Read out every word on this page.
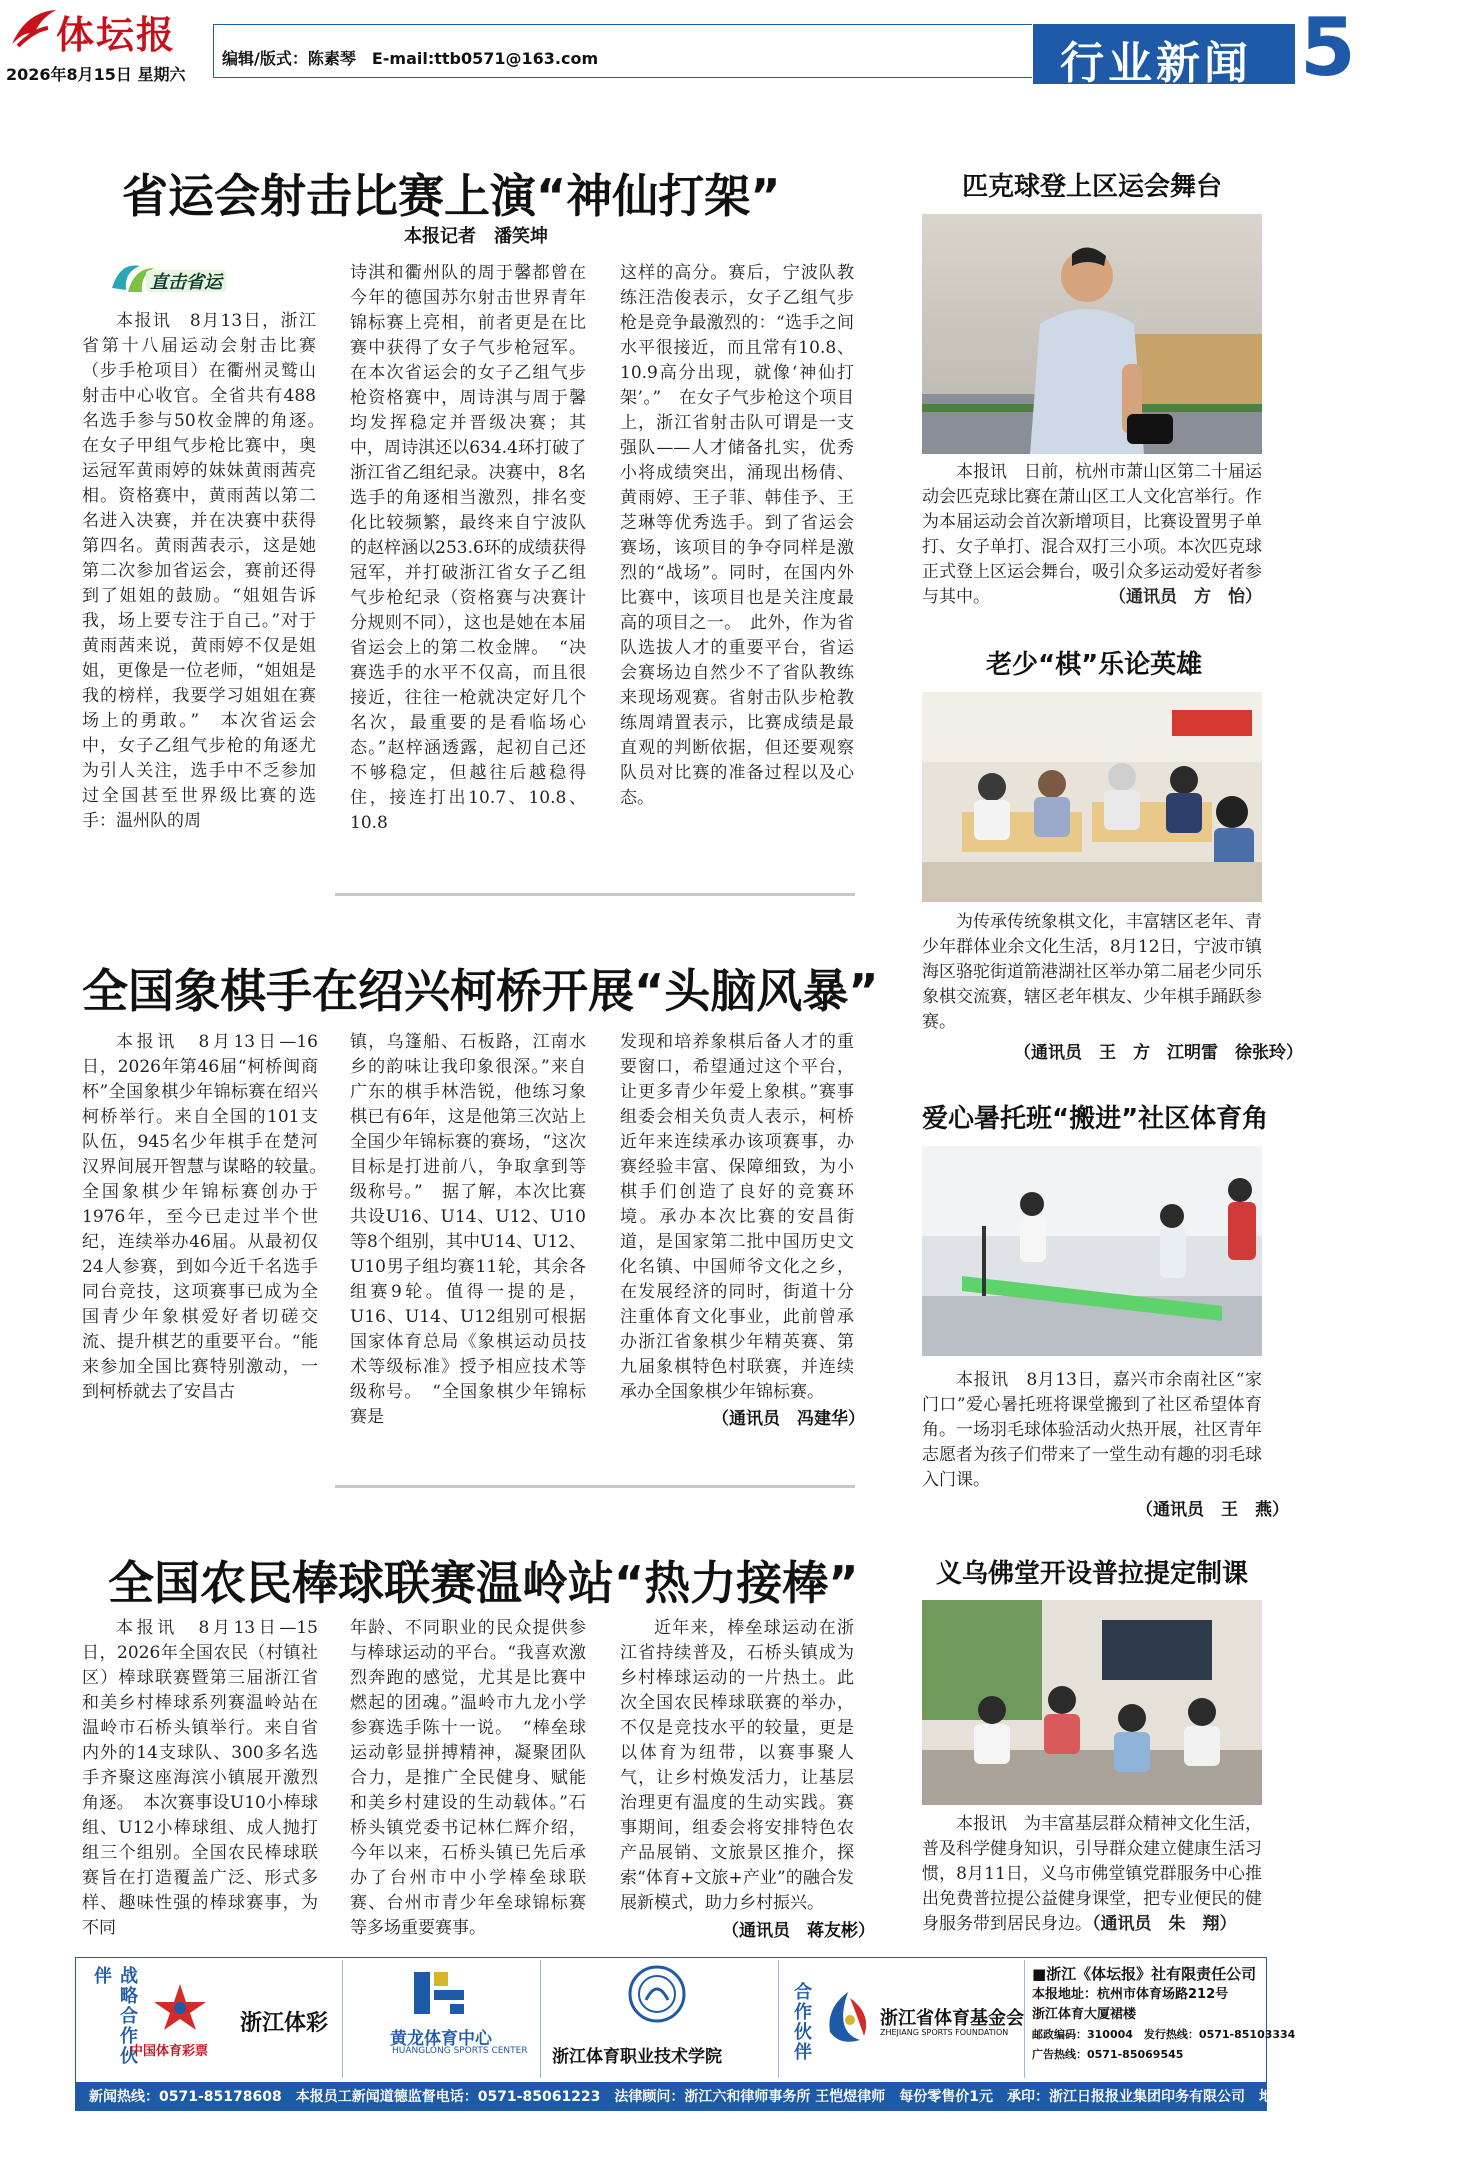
体坛报
2026年8月15日 星期六
编辑/版式：陈素琴　E-mail:ttb0571@163.com	行业新闻 5
省运会射击比赛上演“神仙打架”
本报记者　潘笑坤
直击省运
本报讯　8月13日，浙江省第十八届运动会射击比赛（步手枪项目）在衢州灵鹫山射击中心收官。全省共有488名选手参与50枚金牌的角逐。　在女子甲组气步枪比赛中，奥运冠军黄雨婷的妹妹黄雨茜亮相。资格赛中，黄雨茜以第二名进入决赛，并在决赛中获得第四名。黄雨茜表示，这是她第二次参加省运会，赛前还得到了姐姐的鼓励。“姐姐告诉我，场上要专注于自己。”对于黄雨茜来说，黄雨婷不仅是姐姐，更像是一位老师，“姐姐是我的榜样，我要学习姐姐在赛场上的勇敢。”　本次省运会中，女子乙组气步枪的角逐尤为引人关注，选手中不乏参加过全国甚至世界级比赛的选手：温州队的周
诗淇和衢州队的周于馨都曾在今年的德国苏尔射击世界青年锦标赛上亮相，前者更是在比赛中获得了女子气步枪冠军。在本次省运会的女子乙组气步枪资格赛中，周诗淇与周于馨均发挥稳定并晋级决赛；其中，周诗淇还以634.4环打破了浙江省乙组纪录。决赛中，8名选手的角逐相当激烈，排名变化比较频繁，最终来自宁波队的赵梓涵以253.6环的成绩获得冠军，并打破浙江省女子乙组气步枪纪录（资格赛与决赛计分规则不同），这也是她在本届省运会上的第二枚金牌。　“决赛选手的水平不仅高，而且很接近，往往一枪就决定好几个名次，最重要的是看临场心态。”赵梓涵透露，起初自己还不够稳定，但越往后越稳得住，接连打出10.7、10.8、10.8
这样的高分。赛后，宁波队教练汪浩俊表示，女子乙组气步枪是竞争最激烈的：“选手之间水平很接近，而且常有10.8、10.9高分出现，就像‘神仙打架’。”　在女子气步枪这个项目上，浙江省射击队可谓是一支强队——人才储备扎实，优秀小将成绩突出，涌现出杨倩、黄雨婷、王子菲、韩佳予、王芝琳等优秀选手。到了省运会赛场，该项目的争夺同样是激烈的“战场”。同时，在国内外比赛中，该项目也是关注度最高的项目之一。　此外，作为省队选拔人才的重要平台，省运会赛场边自然少不了省队教练来现场观赛。省射击队步枪教练周靖置表示，比赛成绩是最直观的判断依据，但还要观察队员对比赛的准备过程以及心态。
全国象棋手在绍兴柯桥开展“头脑风暴”
本报讯　8月13日—16日，2026年第46届“柯桥闽商杯”全国象棋少年锦标赛在绍兴柯桥举行。来自全国的101支队伍，945名少年棋手在楚河汉界间展开智慧与谋略的较量。　全国象棋少年锦标赛创办于1976年，至今已走过半个世纪，连续举办46届。从最初仅24人参赛，到如今近千名选手同台竞技，这项赛事已成为全国青少年象棋爱好者切磋交流、提升棋艺的重要平台。“能来参加全国比赛特别激动，一到柯桥就去了安昌古
镇，乌篷船、石板路，江南水乡的韵味让我印象很深。”来自广东的棋手林浩锐，他练习象棋已有6年，这是他第三次站上全国少年锦标赛的赛场，“这次目标是打进前八，争取拿到等级称号。”　据了解，本次比赛共设U16、U14、U12、U10等8个组别，其中U14、U12、U10男子组均赛11轮，其余各组赛9轮。值得一提的是，U16、U14、U12组别可根据国家体育总局《象棋运动员技术等级标准》授予相应技术等级称号。　“全国象棋少年锦标赛是
发现和培养象棋后备人才的重要窗口，希望通过这个平台，让更多青少年爱上象棋。”赛事组委会相关负责人表示，柯桥近年来连续承办该项赛事，办赛经验丰富、保障细致，为小棋手们创造了良好的竞赛环境。承办本次比赛的安昌街道，是国家第二批中国历史文化名镇、中国师爷文化之乡，在发展经济的同时，街道十分注重体育文化事业，此前曾承办浙江省象棋少年精英赛、第九届象棋特色村联赛，并连续承办全国象棋少年锦标赛。
（通讯员　冯建华）
全国农民棒球联赛温岭站“热力接棒”
本报讯　8月13日—15日，2026年全国农民（村镇社区）棒球联赛暨第三届浙江省和美乡村棒球系列赛温岭站在温岭市石桥头镇举行。来自省内外的14支球队、300多名选手齐聚这座海滨小镇展开激烈角逐。　本次赛事设U10小棒球组、U12小棒球组、成人抛打组三个组别。全国农民棒球联赛旨在打造覆盖广泛、形式多样、趣味性强的棒球赛事，为不同
年龄、不同职业的民众提供参与棒球运动的平台。“我喜欢激烈奔跑的感觉，尤其是比赛中燃起的团魂。”温岭市九龙小学参赛选手陈十一说。　“棒垒球运动彰显拼搏精神，凝聚团队合力，是推广全民健身、赋能和美乡村建设的生动载体。”石桥头镇党委书记林仁辉介绍，今年以来，石桥头镇已先后承办了台州市中小学棒垒球联赛、台州市青少年垒球锦标赛等多场重要赛事。
近年来，棒垒球运动在浙江省持续普及，石桥头镇成为乡村棒球运动的一片热土。此次全国农民棒球联赛的举办，不仅是竞技水平的较量，更是以体育为纽带，以赛事聚人气，让乡村焕发活力，让基层治理更有温度的生动实践。赛事期间，组委会将安排特色农产品展销、文旅景区推介，探索“体育+文旅+产业”的融合发展新模式，助力乡村振兴。
（通讯员　蒋友彬）
匹克球登上区运会舞台
本报讯　日前，杭州市萧山区第二十届运动会匹克球比赛在萧山区工人文化宫举行。作为本届运动会首次新增项目，比赛设置男子单打、女子单打、混合双打三小项。本次匹克球正式登上区运会舞台，吸引众多运动爱好者参与其中。	（通讯员　方　怡）
老少“棋”乐论英雄
为传承传统象棋文化，丰富辖区老年、青少年群体业余文化生活，8月12日，宁波市镇海区骆驼街道箭港湖社区举办第二届老少同乐象棋交流赛，辖区老年棋友、少年棋手踊跃参赛。
（通讯员　王　方　江明雷　徐张玲）
爱心暑托班“搬进”社区体育角
本报讯　8月13日，嘉兴市余南社区“家门口”爱心暑托班将课堂搬到了社区希望体育角。一场羽毛球体验活动火热开展，社区青年志愿者为孩子们带来了一堂生动有趣的羽毛球入门课。
（通讯员　王　燕）
义乌佛堂开设普拉提定制课
本报讯　为丰富基层群众精神文化生活，普及科学健身知识，引导群众建立健康生活习惯，8月11日，义乌市佛堂镇党群服务中心推出免费普拉提公益健身课堂，把专业便民的健身服务带到居民身边。（通讯员　朱　翔）
战略合作伙伴
中国体育彩票
浙江体彩
黄龙体育中心
HUANGLONG SPORTS CENTER 浙江体育职业技术学院	合作伙伴	浙江省体育基金会
ZHEJIANG SPORTS FOUNDATION
■浙江《体坛报》社有限责任公司
本报地址：杭州市体育场路212号
浙江体育大厦裙楼
邮政编码：310004　发行热线：0571-85103334
广告热线：0571-85069545
新闻热线：0571-85178608　本报员工新闻道德监督电话：0571-85061223　法律顾问：浙江六和律师事务所 王恺煜律师　每份零售价1元　承印：浙江日报报业集团印务有限公司　地址：杭州市拱墅区祥园路38号
